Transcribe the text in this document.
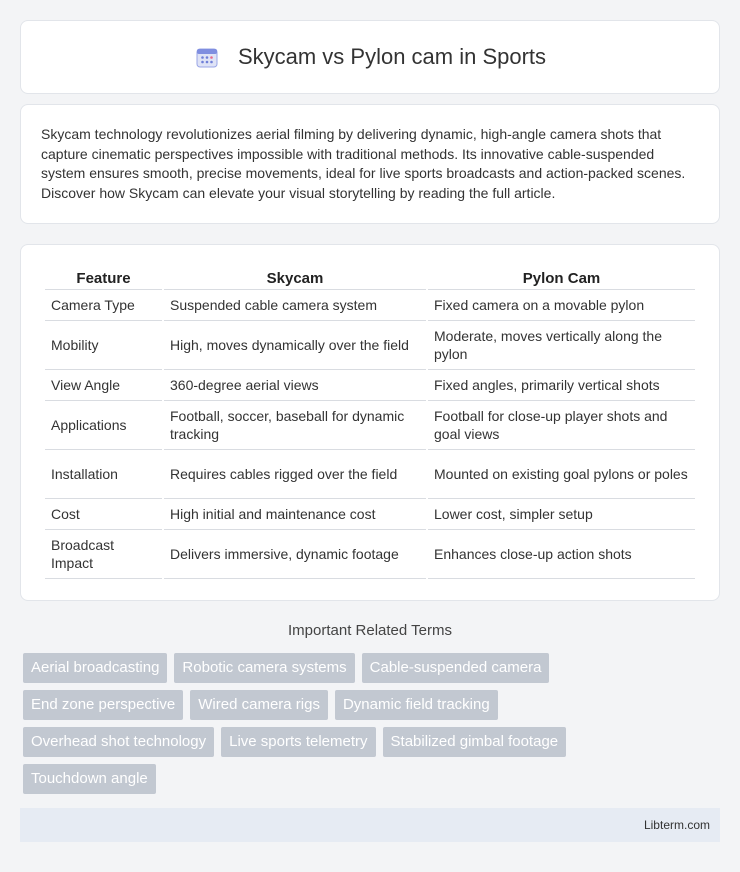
Skycam vs Pylon cam in Sports

Skycam technology revolutionizes aerial filming by delivering dynamic, high-angle camera shots that capture cinematic perspectives impossible with traditional methods. Its innovative cable-suspended system ensures smooth, precise movements, ideal for live sports broadcasts and action-packed scenes. Discover how Skycam can elevate your visual storytelling by reading the full article.

Feature	Skycam	Pylon Cam
Camera Type	Suspended cable camera system	Fixed camera on a movable pylon
Mobility	High, moves dynamically over the field	Moderate, moves vertically along the pylon
View Angle	360-degree aerial views	Fixed angles, primarily vertical shots
Applications	Football, soccer, baseball for dynamic tracking	Football for close-up player shots and goal views
Installation	Requires cables rigged over the field	Mounted on existing goal pylons or poles
Cost	High initial and maintenance cost	Lower cost, simpler setup
Broadcast Impact	Delivers immersive, dynamic footage	Enhances close-up action shots
Important Related Terms
Aerial broadcasting	Robotic camera systems	Cable-suspended camera
End zone perspective	Wired camera rigs	Dynamic field tracking
Overhead shot technology	Live sports telemetry	Stabilized gimbal footage
Touchdown angle
Libterm.com
